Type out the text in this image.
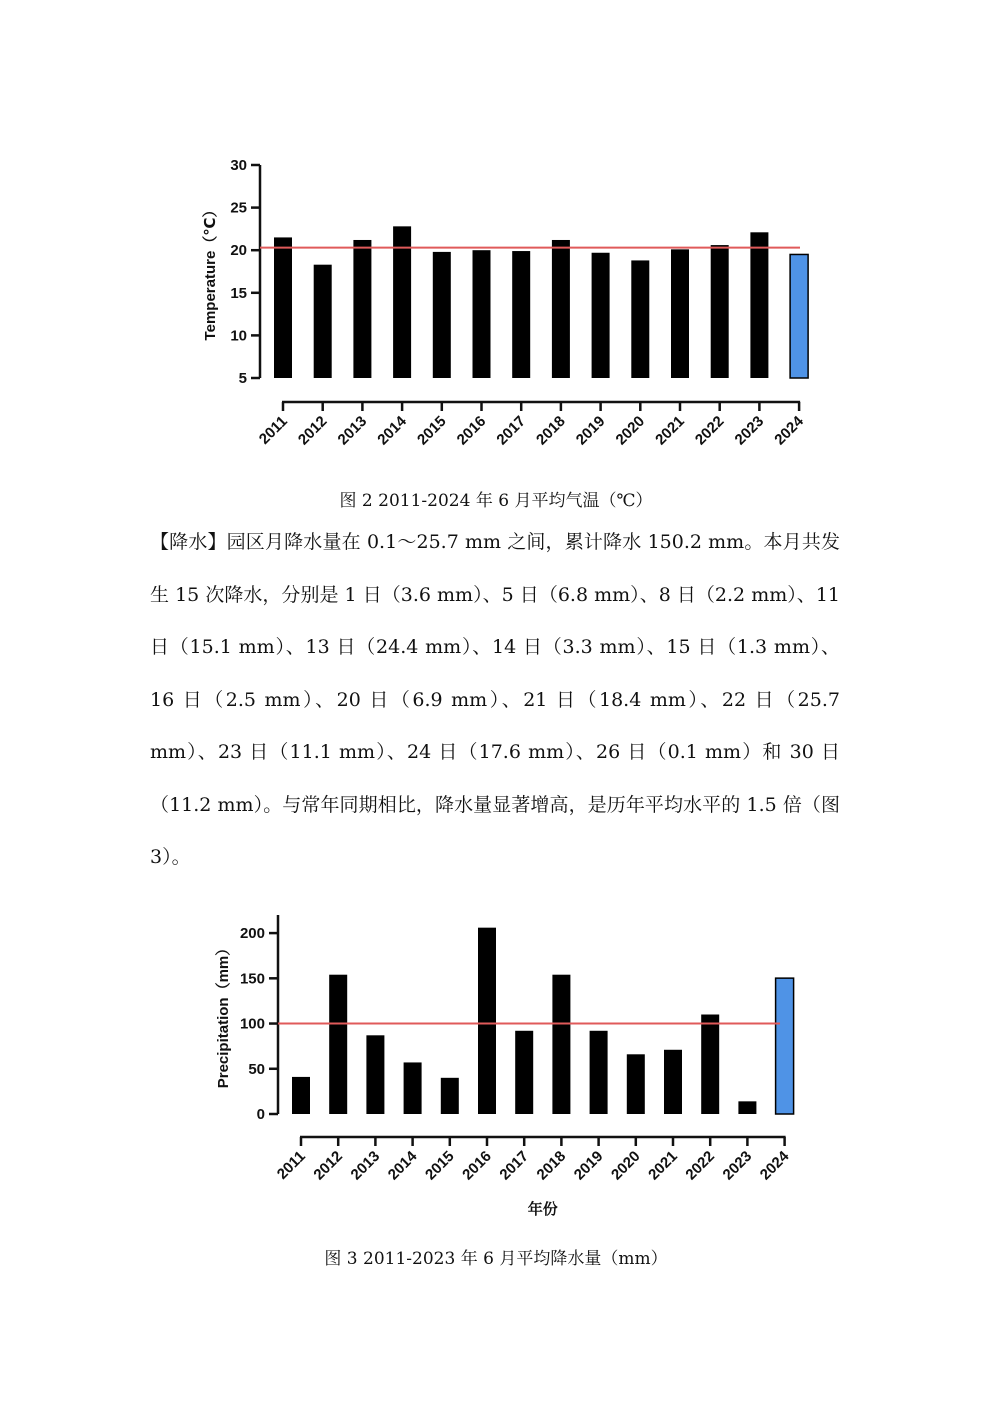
5
10
15
20
25
30
Temperature（℃）
2011 2012 2013 2014 2015 2016 2017 2018 2019 2020 2021 2022 2023 2024
图 2 2011-2024 年 6 月平均气温（℃）

【降水】园区月降水量在 0.1～25.7 mm 之间，累计降水 150.2 mm。本月共发生 15 次降水，分别是 1 日（3.6 mm）、5 日（6.8 mm）、8 日（2.2 mm）、11 日（15.1 mm）、13 日（24.4 mm）、14 日（3.3 mm）、15 日（1.3 mm）、16 日（2.5 mm）、20 日（6.9 mm）、21 日（18.4 mm）、22 日（25.7 mm）、23 日（11.1 mm）、24 日（17.6 mm）、26 日（0.1 mm）和 30 日（11.2 mm）。与常年同期相比，降水量显著增高，是历年平均水平的 1.5 倍（图 3）。

0
50
100
150
200
Precipitation（mm）
2011 2012 2013 2014 2015 2016 2017 2018 2019 2020 2021 2022 2023 2024
年份
图 3 2011-2023 年 6 月平均降水量（mm）
